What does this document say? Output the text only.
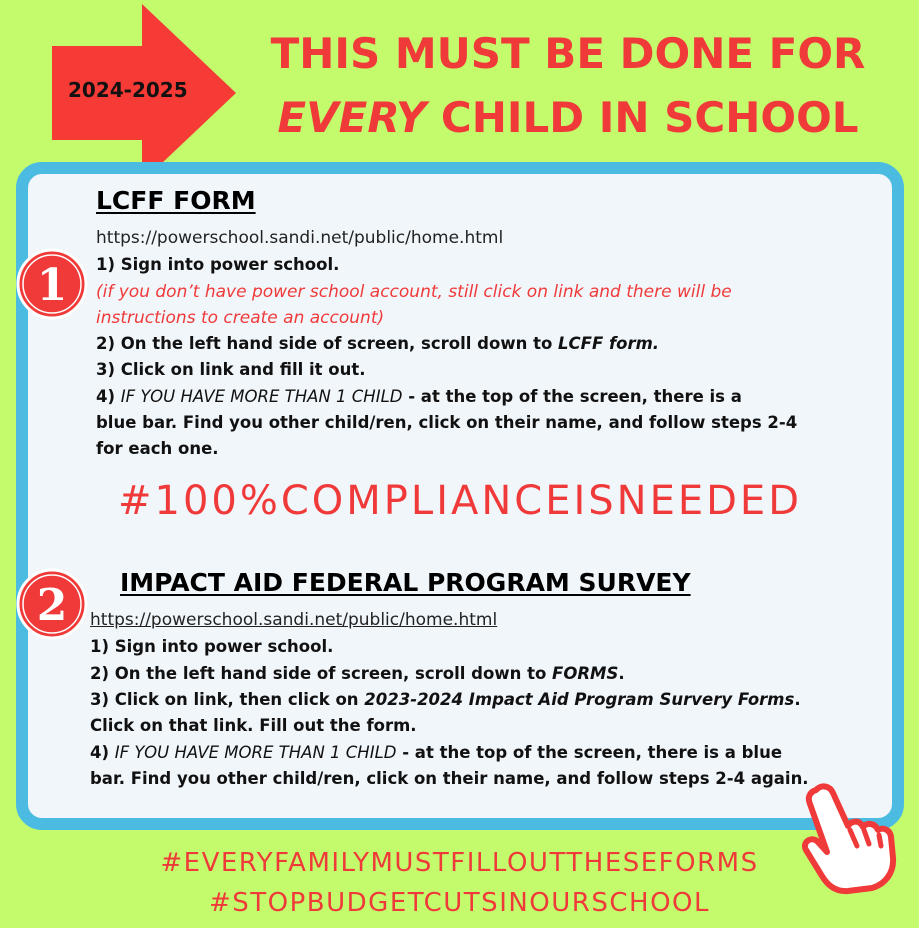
2024-2025
THIS MUST BE DONE FOR
EVERY CHILD IN SCHOOL
1
LCFF FORM
https://powerschool.sandi.net/public/home.html
1) Sign into power school.
(if you don’t have power school account, still click on link and there will be
instructions to create an account)
2) On the left hand side of screen, scroll down to LCFF form.
3) Click on link and fill it out.
4) IF YOU HAVE MORE THAN 1 CHILD - at the top of the screen, there is a
blue bar. Find you other child/ren, click on their name, and follow steps 2-4
for each one.
#100%COMPLIANCEISNEEDED
2 IMPACT AID FEDERAL PROGRAM SURVEY
https://powerschool.sandi.net/public/home.html
1) Sign into power school.
2) On the left hand side of screen, scroll down to FORMS.
3) Click on link, then click on 2023-2024 Impact Aid Program Survery Forms.
Click on that link. Fill out the form.
4) IF YOU HAVE MORE THAN 1 CHILD - at the top of the screen, there is a blue
bar. Find you other child/ren, click on their name, and follow steps 2-4 again.
#EVERYFAMILYMUSTFILLOUTTHESEFORMS
#STOPBUDGETCUTSINOURSCHOOL
